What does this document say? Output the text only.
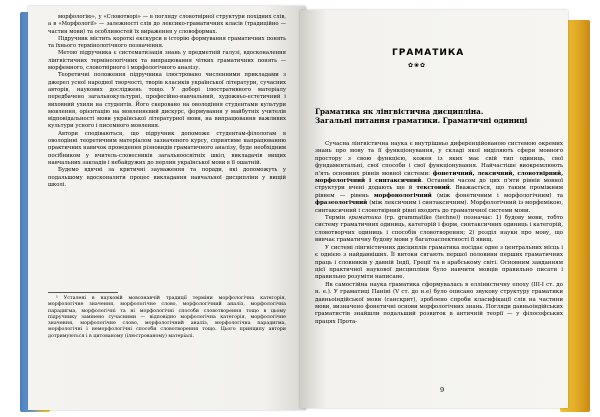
морфологію», у «Словотворі» — в погляду словотвірної структури похідних слів, а в «Морфології» — залежності слів до лексико-граматичних класів (традиційно — частин мови) та особливостей їх вираження у словоформах.

Підручник містить короткі екскурси в історію формування граматичних понять та їхнього термінологічного позначення.

Метою підручника є систематизація знань у предметній галузі, вдосконалення лінгвістичних термінологічних та випрацювання чітких граматичних понять — морфемного, словотвірного і морфологічного аналізу.

Теоретичні положення підручника ілюстровано численними прикладами з джерел усної народної творчості, творів класиків української літератури, сучасних авторів, наукових досліджень тощо. У доборі ілюстративного матеріалу передбачено загальнокультурні, професійно-навчальний, художньо-естетичний і виховний ухили на студентів. Його скеровано на оволодіння студентами культури мовлення, орієнтацію на мовленнєвий дискурс, формування у майбутніх учителів відповідальності мови української літературної мови, на випрацювання важливих культури усного і писемного мовлення.

Автори сподіваються, що підручник допоможе студентам-філологам в оволодінні теоретичним матеріалом зазначеного курсу, сприятиме напрацюванню практичних навичок проведення різновидів граматичного аналізу, буде необхідним посібником у вчитель-словесників загальноосвітніх шкіл, викладачів вищих навчальних закладів і небайдужих до перлин української мови в її ошатній.

Будемо вдячні за критичні зауваження та поради, які допоможуть у подальшому вдосконалити процес викладання навчальної дисципліни у вищій школі.

¹ Усталені в науковій мовознавчій традиції терміни морфологічна категорія, морфологічне значення, морфологічне слово, морфологічний аналіз, морфологічна парадигма, морфологічні та ні морфологічні способи словотворення тощо в цьому підручнику замінено сучасними — відповідно морфологічна категорія, морфологічне значення, морфологічне слово, морфологічний аналіз, морфологічна парадигма, морфологічні і неморфологічні способи словотворення тощо. Цього принципу автори дотримуються і в цитованому (ілюстрованому) матеріалі.

ГРАМАТИКА
✿❀✿
Граматика як лінгвістична дисципліна.
Загальні питання граматики. Граматичні одиниці

Сучасна лінгвістична наука є внутрішньо диференційованою системою окремих знань про мову та її функціонування, у складі якої виділяють сфери мовного простору з свою функцією, кожен із яких має свій тип одиниць, свої фундаментальні, свої способи і свої функціонування. Найчастіше виокремлюють п'ять основних рівнів мовної системи: фонетичний, лексичний, словотвірний, морфологічний і синтаксичний. Останнім часом до цих п'яти рівнів мовної структури вчені додають ще й текстовий. Вважається, що таким проміжним рівнем — рівень морфонологічний (між фонетичним і морфологічним) та фразеологічний (між лексичним і синтаксичним). Морфологічний із морфемікою, синтаксичний і словотвірний рівні входять до граматичної системи мови.

Термін граматика (гр. grammatike (techne)) позначає: 1) будову мови, тобто систему граматичних одиниць, категорій і форм, синтаксичних одиниць і категорій, словотворчих одиниць і способів словотворення; 2) розділ науки про мову, що вивчає граматичну будову мови у багатоаспектності її явищ.

У системі лінгвістичних дисциплін граматика посідає одне з центральних місць і є однією з найдавніших. Її витоки сягають першої половини перших граматичних праць і словників у давній Індії, Греції та в арабському світі. Основним завданням цієї практичної наукової дисципліни було навчити мовців правильно писати і правильно розуміти написане.

Як самостійна наука граматика сформувалась в еллінистичну епоху (III-I ст. до н. е.). У граматиці Паніні (V ст. до н.е) було описано звукову структуру граматики давньоіндійської мови (санскрит), зроблено спроби класифікації слів на частини мови, визначено фонетичні основи морфологічних знань. Погляди давньоіндійських граматистів знайшли подальший розвиток в античній теорії — у філософських працях Прота-

9
